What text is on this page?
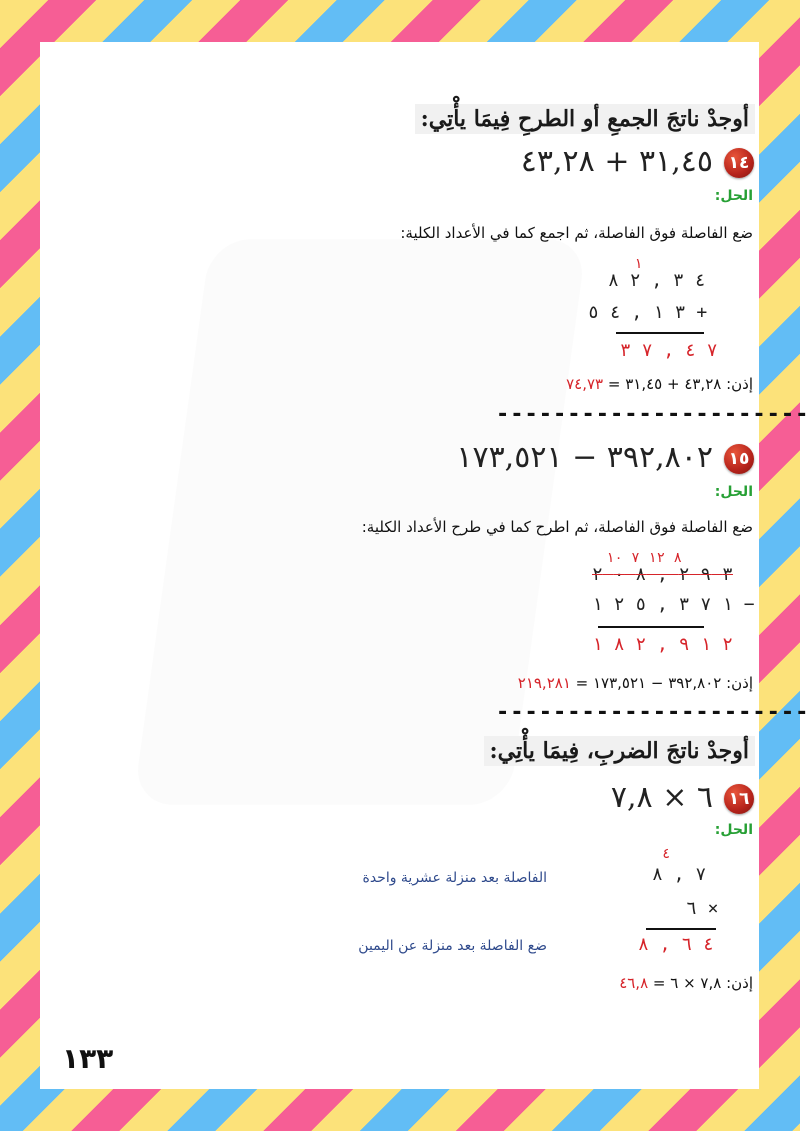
أوجدْ ناتجَ الجمعِ أو الطرحِ فِيمَا يأْتِي:
١٤
٣١,٤٥ + ٤٣,٢٨
الحل:
ضع الفاصلة فوق الفاصلة، ثم اجمع كما في الأعداد الكلية:
١
٤ ٣ , ٢ ٨
٣ ١ , ٤ ٥ +
٧ ٤ , ٧ ٣
إذن: ٤٣,٢٨ + ٣١,٤٥ = ٧٤,٧٣
----------------------
١٥
٣٩٢,٨٠٢ − ١٧٣,٥٢١
الحل:
ضع الفاصلة فوق الفاصلة، ثم اطرح كما في طرح الأعداد الكلية:
٨ ١٢ ٧ ١٠
٣ ٩ ٢ , ٨ ٠ ٢
١ ٧ ٣ , ٥ ٢ ١ −
٢ ١ ٩ , ٢ ٨ ١
إذن: ٣٩٢,٨٠٢ − ١٧٣,٥٢١ = ٢١٩,٢٨١
----------------------
أوجدْ ناتجَ الضربِ، فِيمَا يأْتِي:
١٦
٦ × ٧,٨
الحل:
٤
٧ , ٨
٦ ×
٤ ٦ , ٨
الفاصلة بعد منزلة عشرية واحدة
ضع الفاصلة بعد منزلة عن اليمين
إذن: ٧,٨ × ٦ = ٤٦,٨
١٣٣
